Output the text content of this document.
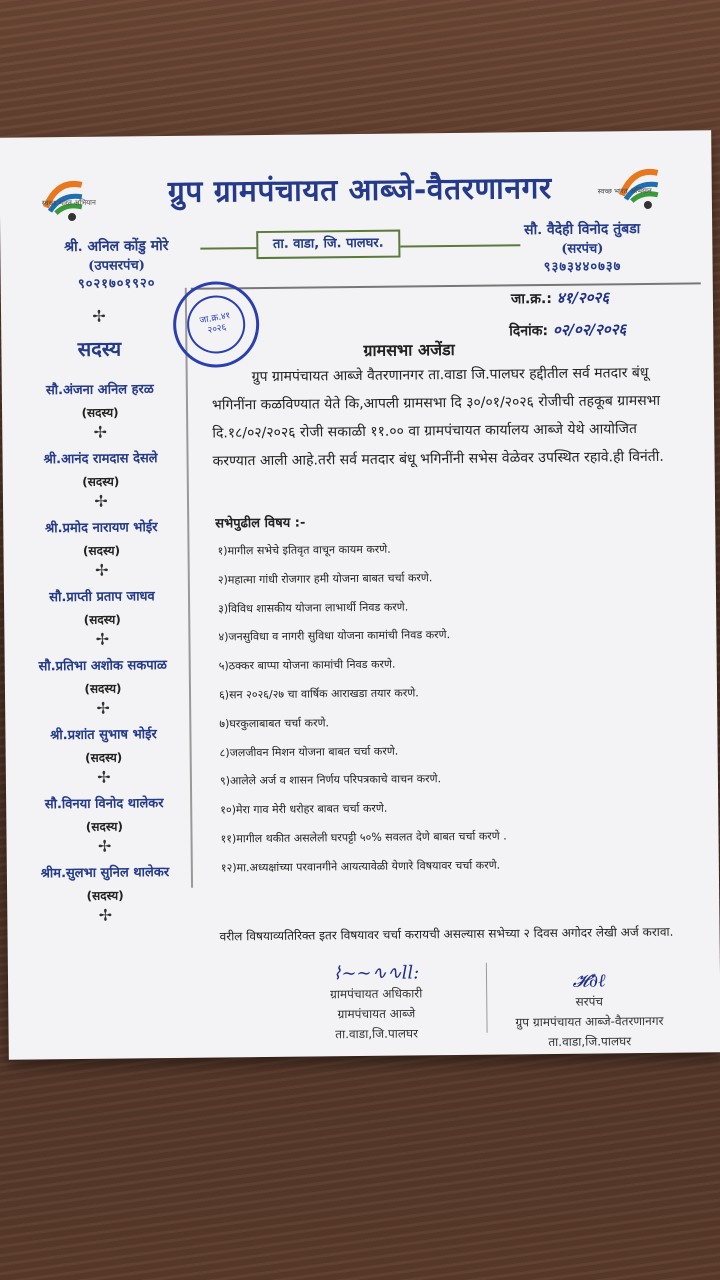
स्वच्छ भारत अभियान	ग्रुप ग्रामपंचायत आब्जे-वैतरणानगर	स्वच्छ भारत अभियान
श्री. अनिल कोंडु मोरे
(उपसरपंच)
९०२१७०१९२०
ता. वाडा, जि. पालघर.
सौ. वैदेही विनोद तुंबडा
(सरपंच)
९३७३४४०७३७
जा.क्र.४१
२०२६
जा.क्र.: ४१/२०२६
दिनांक: ०२/०२/२०२६
✢
सदस्य
सौ.अंजना अनिल हरळ
(सदस्य)
✢
श्री.आनंद रामदास देसले
(सदस्य)
✢
श्री.प्रमोद नारायण भोईर
(सदस्य)
✢
सौ.प्राप्ती प्रताप जाधव
(सदस्य)
✢
सौ.प्रतिभा अशोक सकपाळ
(सदस्य)
✢
श्री.प्रशांत सुभाष भोईर
(सदस्य)
✢
सौ.विनया विनोद थालेकर
(सदस्य)
✢
श्रीम.सुलभा सुनिल थालेकर
(सदस्य)
✢
ग्रामसभा अजेंडा
ग्रुप ग्रामपंचायत आब्जे वैतरणानगर ता.वाडा जि.पालघर हद्दीतील सर्व मतदार बंधू भगिनींना कळविण्यात येते कि,आपली ग्रामसभा दि ३०/०१/२०२६ रोजीची तहकूब ग्रामसभा दि.१८/०२/२०२६ रोजी सकाळी ११.०० वा ग्रामपंचायत कार्यालय आब्जे येथे आयोजित करण्यात आली आहे.तरी सर्व मतदार बंधू भगिनींनी सभेस वेळेवर उपस्थित रहावे.ही विनंती.
सभेपुढील विषय :-
१)मागील सभेचे इतिवृत वाचून कायम करणे.
२)महात्मा गांधी रोजगार हमी योजना बाबत चर्चा करणे.
३)विविध शासकीय योजना लाभार्थी निवड करणे.
४)जनसुविधा व नागरी सुविधा योजना कामांची निवड करणे.
५)ठक्कर बाप्पा योजना कामांची निवड करणे.
६)सन २०२६/२७ चा वार्षिक आराखडा तयार करणे.
७)घरकुलाबाबत चर्चा करणे.
८)जलजीवन मिशन योजना बाबत चर्चा करणे.
९)आलेले अर्ज व शासन निर्णय परिपत्रकाचे वाचन करणे.
१०)मेरा गाव मेरी धरोहर बाबत चर्चा करणे.
११)मागील थकीत असलेली घरपट्टी ५०% सवलत देणे बाबत चर्चा करणे .
१२)मा.अध्यक्षांच्या परवानगीने आयत्यावेळी येणारे विषयावर चर्चा करणे.
वरील विषयाव्यतिरिक्त इतर विषयावर चर्चा करायची असल्यास सभेच्या २ दिवस अगोदर लेखी अर्ज करावा.
⌇~~∿∿ll:
ग्रामपंचायत अधिकारी
ग्रामपंचायत आब्जे
ता.वाडा,जि.पालघर
𝓗∂ℓ
सरपंच
ग्रुप ग्रामपंचायत आब्जे-वैतरणानगर
ता.वाडा,जि.पालघर
